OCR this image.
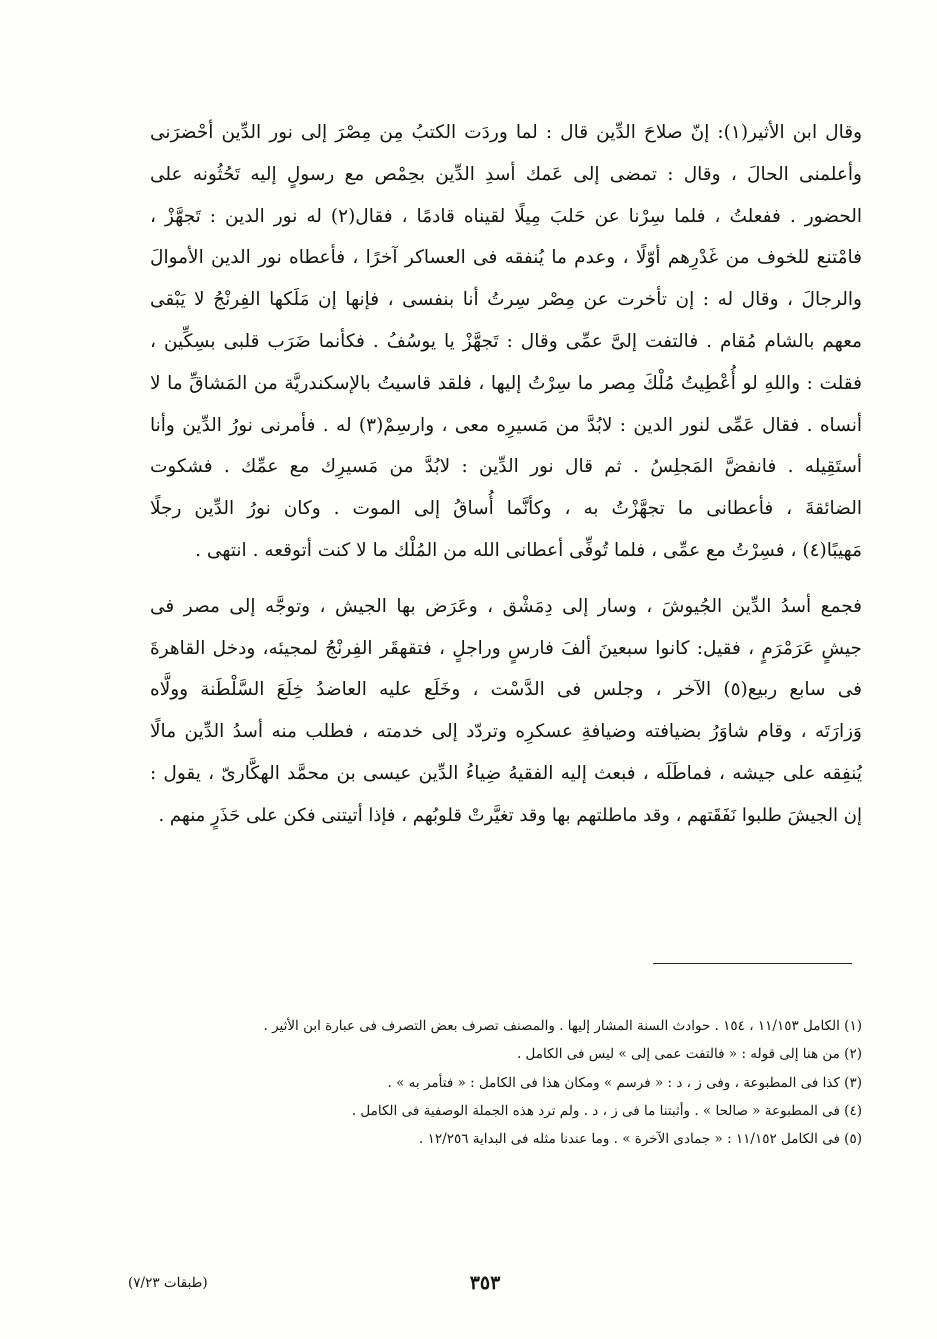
وقال ابن الأثير(١): إنّ صلاحَ الدِّين قال : لما وردَت الكتبُ مِن مِصْرَ إلى نور الدِّين أحْضرَنى
وأعلمنى الحالَ ، وقال : تمضى إلى عَمك أسدِ الدِّين بحِمْص مع رسولٍ إليه تَحُثُونه على
الحضور . ففعلتُ ، فلما سِرْنا عن حَلبَ مِيلًا لقيناه قادمًا ، فقال(٢) له نور الدين : تَجهَّزْ ،
فامْتنع للخوف من غَدْرِهم أوّلًا ، وعدم ما يُنفقه فى العساكر آخرًا ، فأعطاه نور الدين الأموالَ
والرجالَ ، وقال له : إن تأخرت عن مِصْر سِرتُ أنا بنفسى ، فإنها إن مَلَكها الفِرنْجُ لا يَبْقى
معهم بالشام مُقام . فالتفت إلىَّ عمِّى وقال : تَجهَّزْ يا يوسُفُ . فكأنما ضَرَب قلبى بسِكِّين ،
فقلت : واللهِ لو أُعْطِيتُ مُلْكَ مِصر ما سِرْتُ إليها ، فلقد قاسيتُ بالإسكندريَّة من المَشاقِّ ما لا
أنساه . فقال عَمِّى لنور الدين : لابُدَّ من مَسيرِه معى ، وارسِمْ(٣) له . فأمرنى نورُ الدِّين وأنا
أستَقِيله . فانفضَّ المَجلِسُ . ثم قال نور الدِّين : لابُدَّ من مَسيرِك مع عمِّك . فشكوت
الضائقةَ ، فأعطانى ما تجهَّزْتُ به ، وكأنَّما أُساقُ إلى الموت . وكان نورُ الدِّين رجلًا
مَهيبًا(٤) ، فسِرْتُ مع عمِّى ، فلما تُوفِّى أعطانى الله من المُلْك ما لا كنت أتوقعه . انتهى .
فجمع أسدُ الدِّين الجُيوشَ ، وسار إلى دِمَشْق ، وعَرَض بها الجيش ، وتوجَّه إلى مصر فى
جيشٍ عَرَمْرَمٍ ، فقيل: كانوا سبعينَ ألفَ فارسٍ وراجلٍ ، فتقهقَر الفِرنْجُ لمجيئه، ودخل القاهرةَ
فى سابع ربيع(٥) الآخر ، وجلس فى الدَّسْت ، وخَلَع عليه العاضدُ خِلَعَ السَّلْطَنة وولَّاه
وَزارَتَه ، وقام شاوَرُ بضيافته وضيافةِ عسكرِه وتردّد إلى خدمته ، فطلب منه أسدُ الدِّين مالًا
يُنفِقه على جيشه ، فماطَلَه ، فبعث إليه الفقيهُ ضِياءُ الدِّين عيسى بن محمَّد الهكَّارىّ ، يقول :
إن الجيشَ طلبوا نَفَقَتهم ، وقد ماطلتهم بها وقد تغيَّرتْ قلوبُهم ، فإذا أتيتنى فكن على حَذَرٍ منهم .
(١) الكامل ١١/١٥٣ ، ١٥٤ . حوادث السنة المشار إليها . والمصنف تصرف بعض التصرف فى عبارة ابن الأثير .
(٢) من هنا إلى قوله : « فالتفت عمى إلى » ليس فى الكامل .
(٣) كذا فى المطبوعة ، وفى ز ، د : « فرسم » ومكان هذا فى الكامل : « فتأمر به » .
(٤) فى المطبوعة « صالحا » . وأثبتنا ما فى ز ، د . ولم ترد هذه الجملة الوصفية فى الكامل .
(٥) فى الكامل ١١/١٥٢ : « جمادى الآخرة » . وما عندنا مثله فى البداية ١٢/٢٥٦ .
٣٥٣
(طبقات ٧/٢٣)
